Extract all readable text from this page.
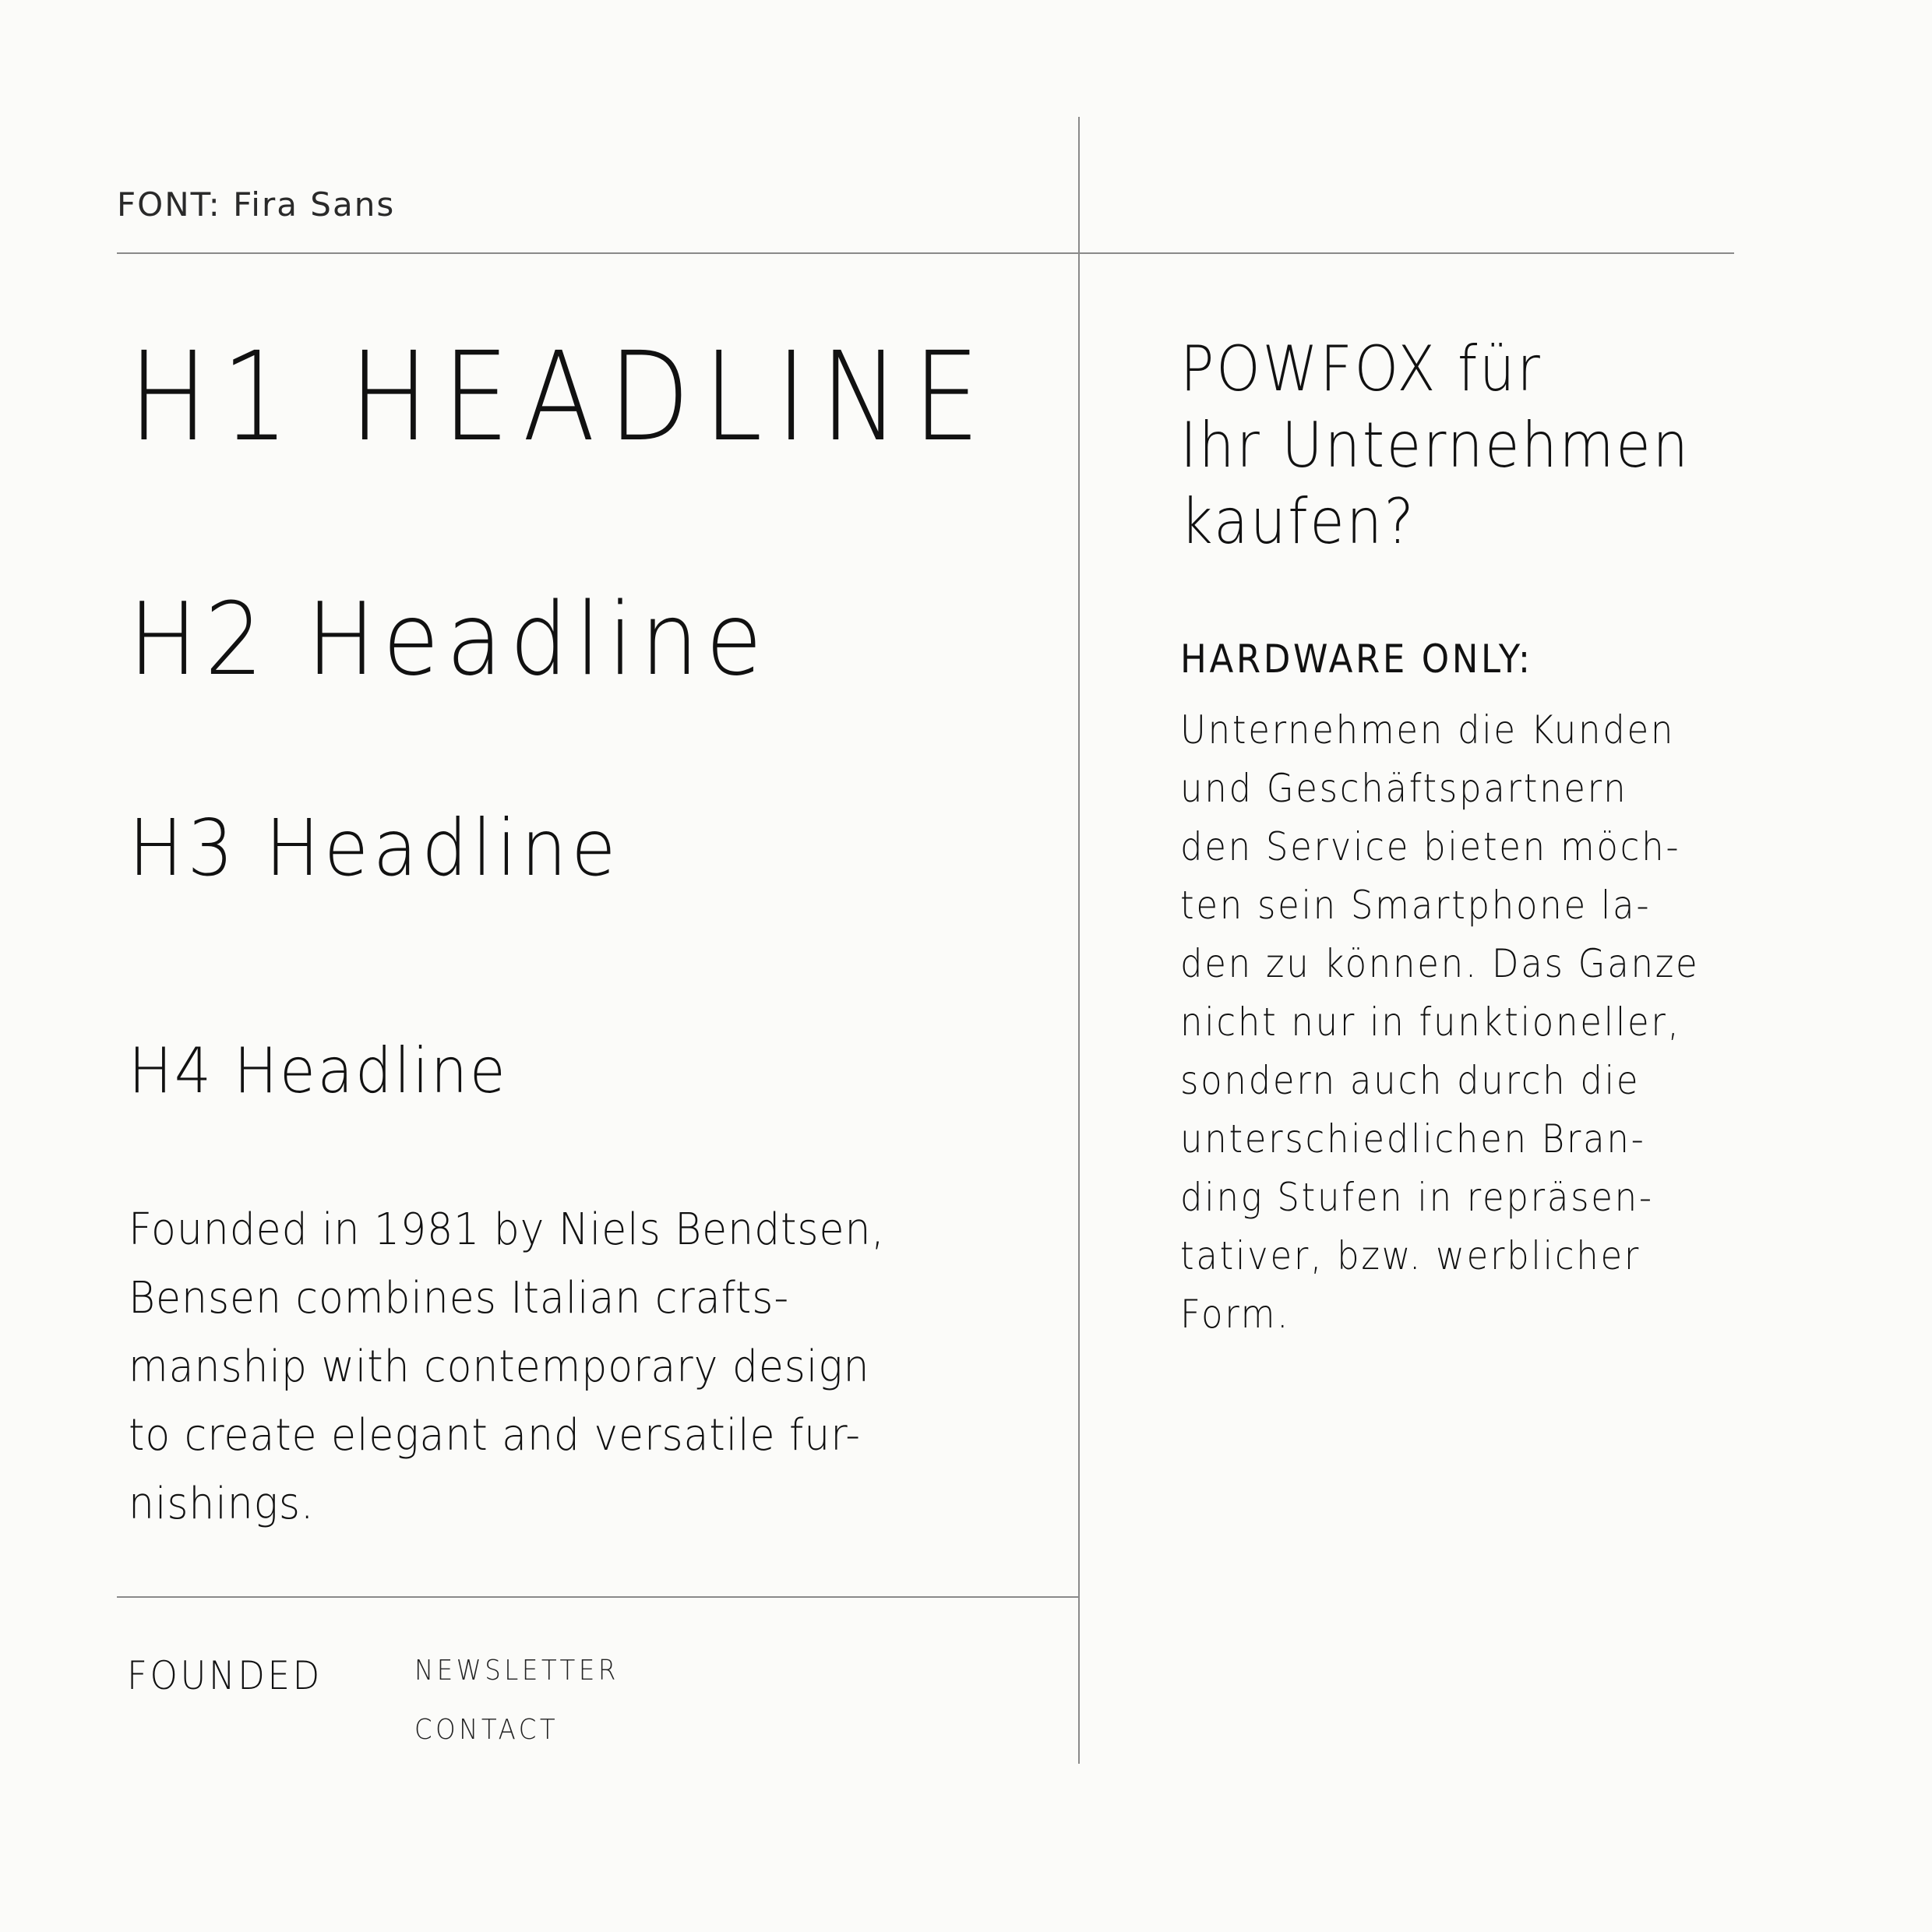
FONT: Fira Sans
H1 HEADLINE
H2 Headline
H3 Headline
H4 Headline
Founded in 1981 by Niels Bendtsen,
Bensen combines Italian crafts-
manship with contemporary design
to create elegant and versatile fur-
nishings.
FOUNDED	NEWSLETTER
CONTACT
POWFOX für
Ihr Unternehmen
kaufen?
HARDWARE ONLY:
Unternehmen die Kunden
und Geschäftspartnern
den Service bieten möch-
ten sein Smartphone la-
den zu können. Das Ganze
nicht nur in funktioneller,
sondern auch durch die
unterschiedlichen Bran-
ding Stufen in repräsen-
tativer, bzw. werblicher
Form.
